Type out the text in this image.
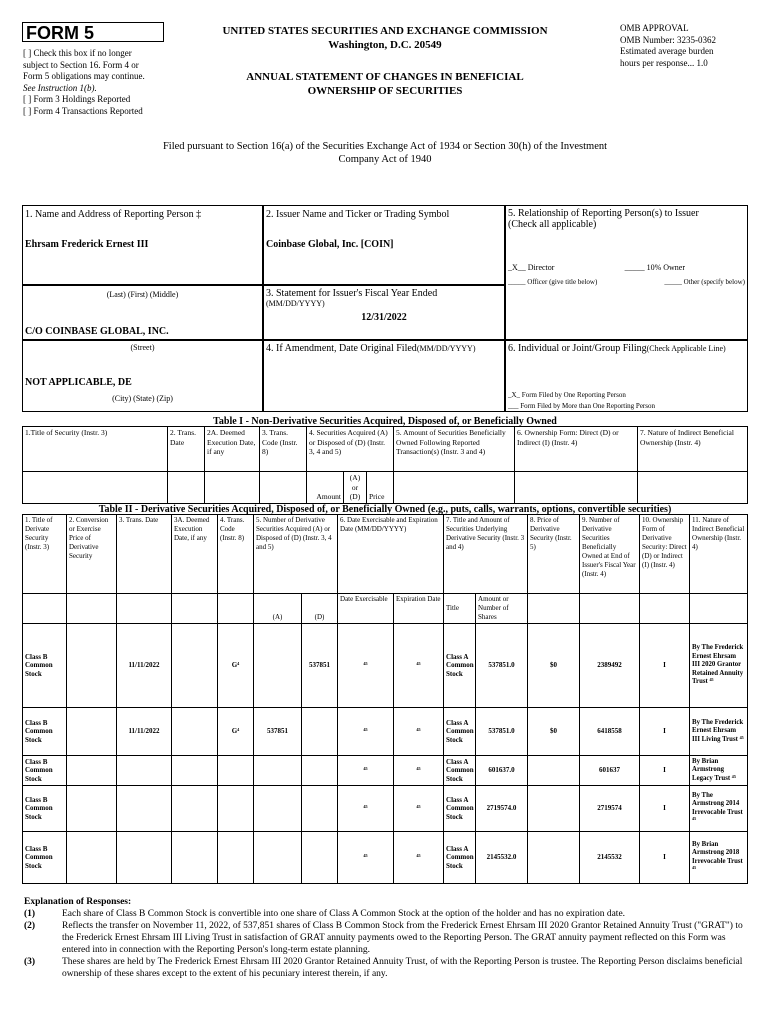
FORM 5
[ ] Check this box if no longer subject to Section 16. Form 4 or Form 5 obligations may continue. See Instruction 1(b).
[ ] Form 3 Holdings Reported
[ ] Form 4 Transactions Reported
UNITED STATES SECURITIES AND EXCHANGE COMMISSION
Washington, D.C. 20549
ANNUAL STATEMENT OF CHANGES IN BENEFICIAL OWNERSHIP OF SECURITIES
OMB APPROVAL
OMB Number: 3235-0362
Estimated average burden
hours per response... 1.0
Filed pursuant to Section 16(a) of the Securities Exchange Act of 1934 or Section 30(h) of the Investment Company Act of 1940
1. Name and Address of Reporting Person ‡
Ehrsam Frederick Ernest III
(Last) (First) (Middle)
C/O COINBASE GLOBAL, INC.
(Street)
NOT APPLICABLE, DE
(City) (State) (Zip)
2. Issuer Name and Ticker or Trading Symbol
Coinbase Global, Inc. [COIN]
3. Statement for Issuer's Fiscal Year Ended
(MM/DD/YYYY)
12/31/2022
4. If Amendment, Date Original Filed(MM/DD/YYYY)
5. Relationship of Reporting Person(s) to Issuer
(Check all applicable)
_X__ Director	_____ 10% Owner
_____ Officer (give title below)	_____ Other (specify below)
6. Individual or Joint/Group Filing(Check Applicable Line)
_X_ Form Filed by One Reporting Person
___ Form Filed by More than One Reporting Person
Table I - Non-Derivative Securities Acquired, Disposed of, or Beneficially Owned
1.Title of Security (Instr. 3)	2. Trans. Date	2A. Deemed Execution Date, if any	3. Trans. Code (Instr. 8)	4. Securities Acquired (A) or Disposed of (D) (Instr. 3, 4 and 5)			5. Amount of Securities Beneficially Owned Following Reported Transaction(s) (Instr. 3 and 4)	6. Ownership Form: Direct (D) or Indirect (I) (Instr. 4)	7. Nature of Indirect Beneficial Ownership (Instr. 4)
				Amount	(A) or (D)	Price			
Table II - Derivative Securities Acquired, Disposed of, or Beneficially Owned (e.g., puts, calls, warrants, options, convertible securities)
1. Title of Derivate Security (Instr. 3)	2. Conversion or Exercise Price of Derivative Security	3. Trans. Date	3A. Deemed Execution Date, if any	4. Trans. Code (Instr. 8)	5. Number of Derivative Securities Acquired (A) or Disposed of (D) (Instr. 3, 4 and 5)		6. Date Exercisable and Expiration Date (MM/DD/YYYY)		7. Title and Amount of Securities Underlying Derivative Security (Instr. 3 and 4)		8. Price of Derivative Security (Instr. 5)	9. Number of Derivative Securities Beneficially Owned at End of Issuer's Fiscal Year (Instr. 4)	10. Ownership Form of Derivative Security: Direct (D) or Indirect (I) (Instr. 4)	11. Nature of Indirect Beneficial Ownership (Instr. 4)
					(A)	(D)	Date Exercisable	Expiration Date	Title	Amount or Number of Shares				
Class B Common Stock		11/11/2022		G⁴		537851	⁴⁵	⁴⁵	Class A Common Stock	537851.0	$0	2389492	I	By The Frederick Ernest Ehrsam III 2020 Grantor Retained Annuity Trust ⁴⁵
Class B Common Stock		11/11/2022		G⁴	537851		⁴⁵	⁴⁵	Class A Common Stock	537851.0	$0	6418558	I	By The Frederick Ernest Ehrsam III Living Trust ⁴⁵
Class B Common Stock							⁴⁵	⁴⁵	Class A Common Stock	601637.0		601637	I	By Brian Armstrong Legacy Trust ⁴⁵
Class B Common Stock							⁴⁵	⁴⁵	Class A Common Stock	2719574.0		2719574	I	By The Armstrong 2014 Irrevocable Trust ⁴⁵
Class B Common Stock							⁴⁵	⁴⁵	Class A Common Stock	2145532.0		2145532	I	By Brian Armstrong 2018 Irrevocable Trust ⁴⁵
Explanation of Responses:
(1)	Each share of Class B Common Stock is convertible into one share of Class A Common Stock at the option of the holder and has no expiration date.
(2)	Reflects the transfer on November 11, 2022, of 537,851 shares of Class B Common Stock from the Frederick Ernest Ehrsam III 2020 Grantor Retained Annuity Trust ("GRAT") to the Frederick Ernest Ehrsam III Living Trust in satisfaction of GRAT annuity payments owed to the Reporting Person. The GRAT annuity payment reflected on this Form was entered into in connection with the Reporting Person's long-term estate planning.
(3)	These shares are held by The Frederick Ernest Ehrsam III 2020 Grantor Retained Annuity Trust, of with the Reporting Person is trustee. The Reporting Person disclaims beneficial ownership of these shares except to the extent of his pecuniary interest therein, if any.
